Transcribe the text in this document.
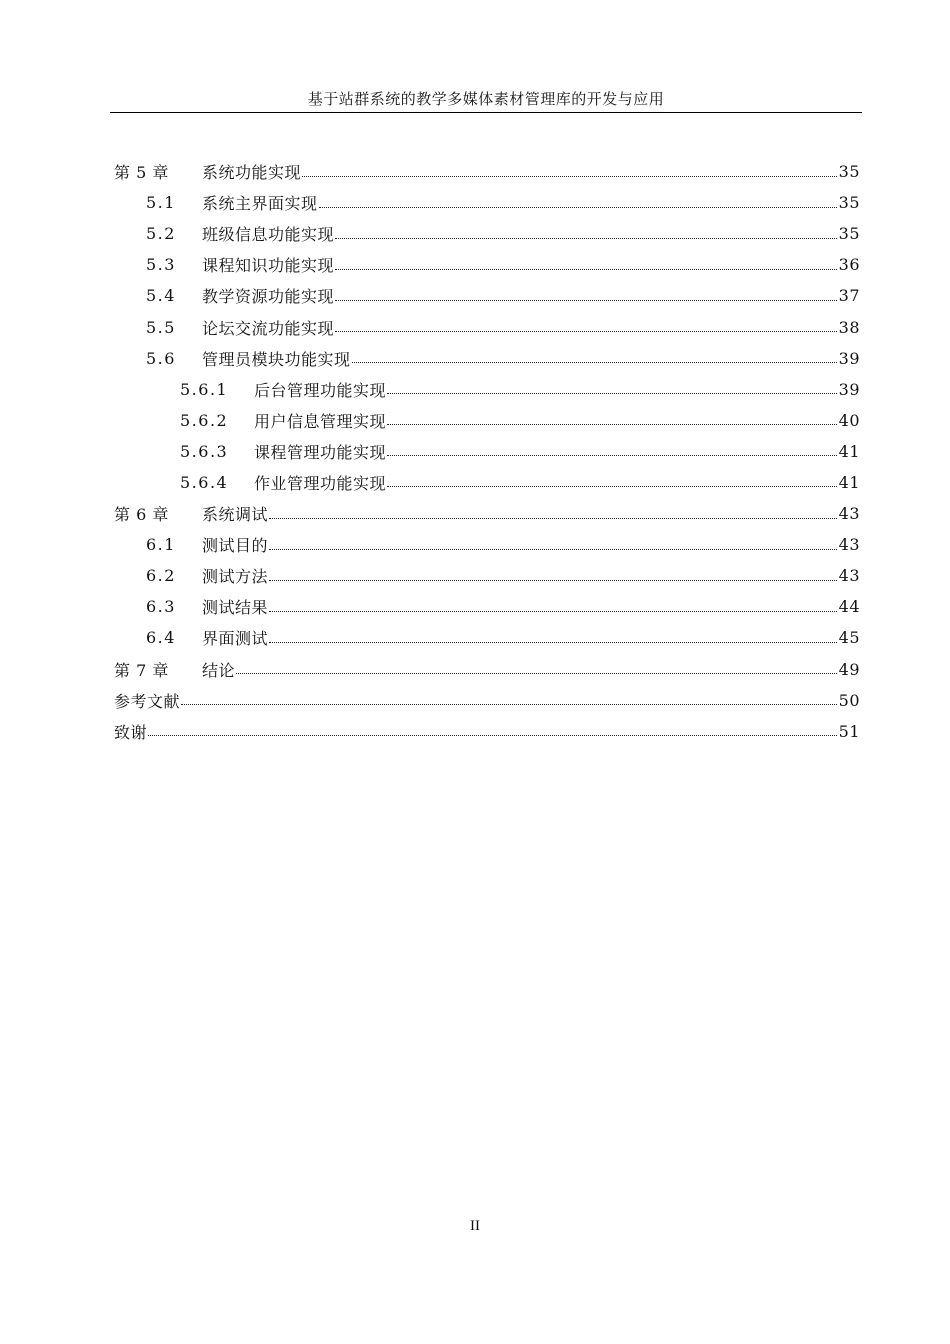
基于站群系统的教学多媒体素材管理库的开发与应用
第 5 章	系统功能实现	35
5.1	系统主界面实现	35
5.2	班级信息功能实现	35
5.3	课程知识功能实现	36
5.4	教学资源功能实现	37
5.5	论坛交流功能实现	38
5.6	管理员模块功能实现	39
5.6.1	后台管理功能实现	39
5.6.2	用户信息管理实现	40
5.6.3	课程管理功能实现	41
5.6.4	作业管理功能实现	41
第 6 章	系统调试	43
6.1	测试目的	43
6.2	测试方法	43
6.3	测试结果	44
6.4	界面测试	45
第 7 章	结论	49
参考文献	50
致谢	51
II
